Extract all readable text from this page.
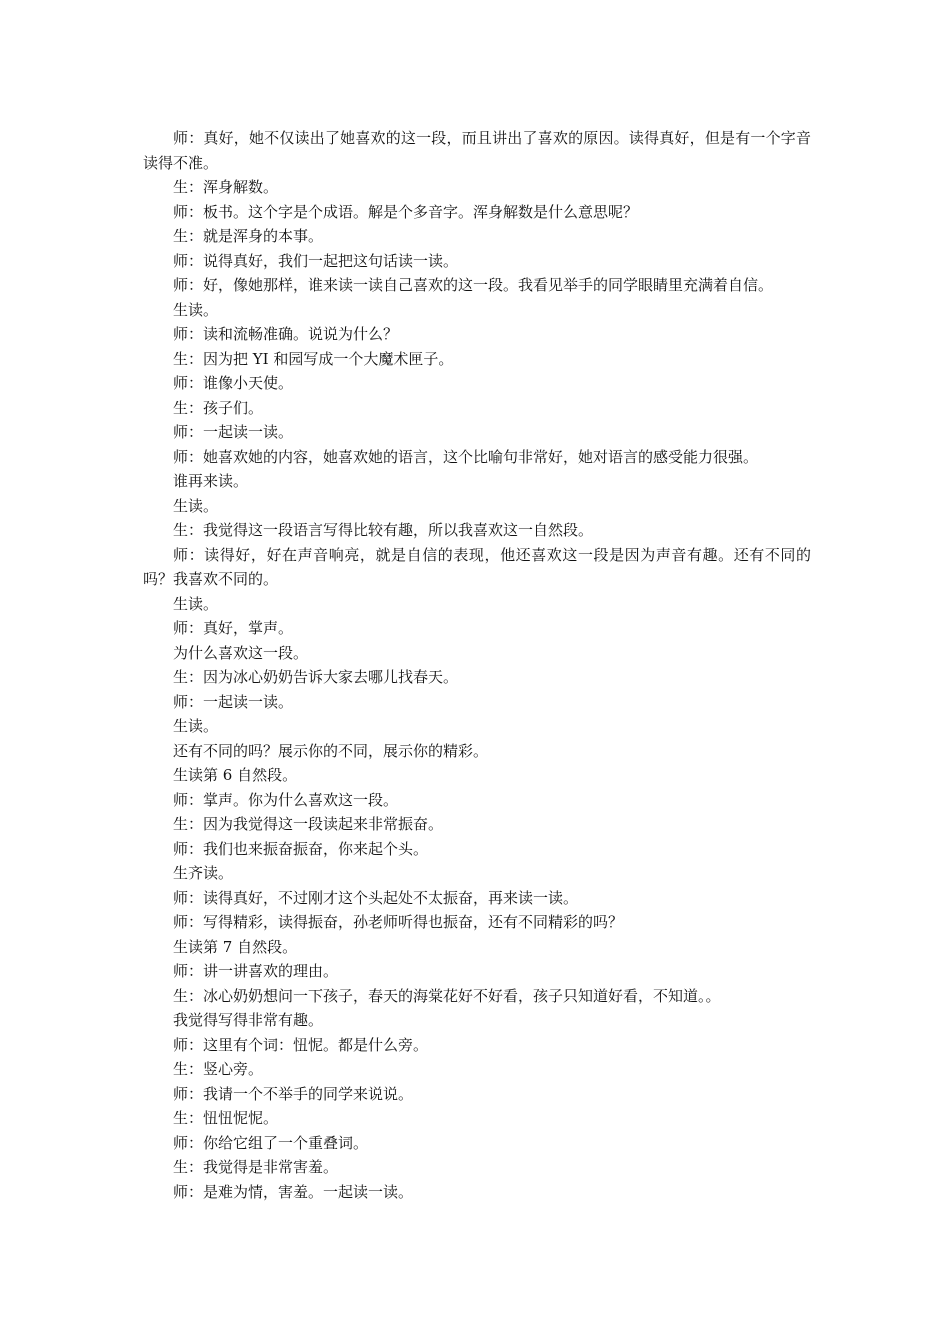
师：真好，她不仅读出了她喜欢的这一段，而且讲出了喜欢的原因。读得真好，但是有一个字音读得不准。

生：浑身解数。

师：板书。这个字是个成语。解是个多音字。浑身解数是什么意思呢？

生：就是浑身的本事。

师：说得真好，我们一起把这句话读一读。

师：好，像她那样，谁来读一读自己喜欢的这一段。我看见举手的同学眼睛里充满着自信。

生读。

师：读和流畅准确。说说为什么？

生：因为把 YI 和园写成一个大魔术匣子。

师：谁像小天使。

生：孩子们。

师：一起读一读。

师：她喜欢她的内容，她喜欢她的语言，这个比喻句非常好，她对语言的感受能力很强。

谁再来读。

生读。

生：我觉得这一段语言写得比较有趣，所以我喜欢这一自然段。

师：读得好，好在声音响亮，就是自信的表现，他还喜欢这一段是因为声音有趣。还有不同的吗？我喜欢不同的。

生读。

师：真好，掌声。

为什么喜欢这一段。

生：因为冰心奶奶告诉大家去哪儿找春天。

师：一起读一读。

生读。

还有不同的吗？展示你的不同，展示你的精彩。

生读第 6 自然段。

师：掌声。你为什么喜欢这一段。

生：因为我觉得这一段读起来非常振奋。

师：我们也来振奋振奋，你来起个头。

生齐读。

师：读得真好，不过刚才这个头起处不太振奋，再来读一读。

师：写得精彩，读得振奋，孙老师听得也振奋，还有不同精彩的吗？

生读第 7 自然段。

师：讲一讲喜欢的理由。

生：冰心奶奶想问一下孩子，春天的海棠花好不好看，孩子只知道好看，不知道。。

我觉得写得非常有趣。

师：这里有个词：忸怩。都是什么旁。

生：竖心旁。

师：我请一个不举手的同学来说说。

生：忸忸怩怩。

师：你给它组了一个重叠词。

生：我觉得是非常害羞。

师：是难为情，害羞。一起读一读。
